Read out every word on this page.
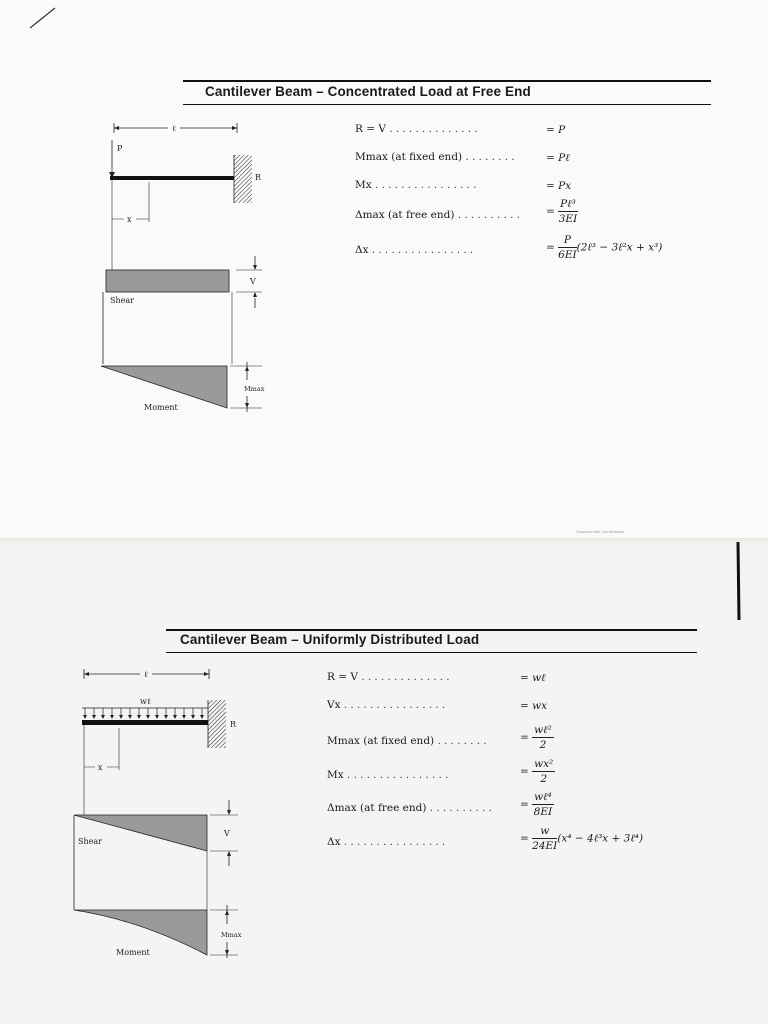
Cantilever Beam – Concentrated Load at Free End
ℓ
P
R
x
Shear
V
Moment
Mmax
R = V ..............	= P
Mmax (at fixed end) ........	= Pℓ
Mx ................	= Px
Δmax (at free end) .......... = $\frac{\text{Pℓ³}}{3EI}$
Δx ................	= $\frac{P}{6EI}$ (2ℓ³ − 3ℓ²x + x³)
Scanned with CamScanner
Cantilever Beam – Uniformly Distributed Load
ℓ
wℓ
R
x
Shear
V
Moment
Mmax
R = V ..............	= wℓ
Vx ................	= wx
Mmax (at fixed end) ........	= $\frac{\text{wℓ²}}{2}$
Mx ................	= $\frac{\text{wx²}}{2}$
Δmax (at free end) .......... = $\frac{\text{wℓ⁴}}{8EI}$
Δx ................	= $\frac{w}{24EI} (x^4$ − 4ℓ³x + 3ℓ⁴)
